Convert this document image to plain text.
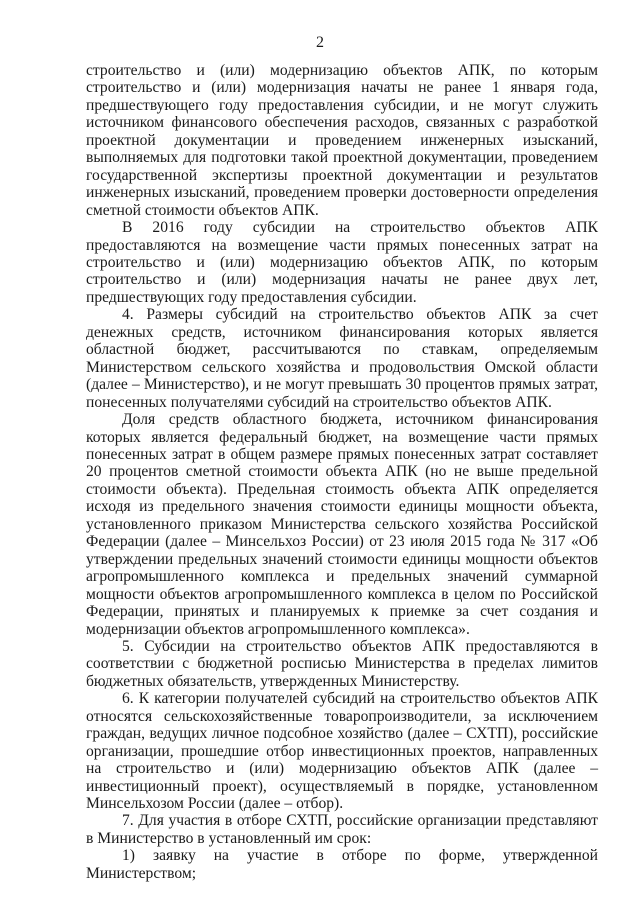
2

строительство и (или) модернизацию объектов АПК, по которым строительство и (или) модернизация начаты не ранее 1 января года, предшествующего году предоставления субсидии, и не могут служить источником финансового обеспечения расходов, связанных с разработкой проектной документации и проведением инженерных изысканий, выполняемых для подготовки такой проектной документации, проведением государственной экспертизы проектной документации и результатов инженерных изысканий, проведением проверки достоверности определения сметной стоимости объектов АПК.

В 2016 году субсидии на строительство объектов АПК предоставляются на возмещение части прямых понесенных затрат на строительство и (или) модернизацию объектов АПК, по которым строительство и (или) модернизация начаты не ранее двух лет, предшествующих году предоставления субсидии.

4. Размеры субсидий на строительство объектов АПК за счет денежных средств, источником финансирования которых является областной бюджет, рассчитываются по ставкам, определяемым Министерством сельского хозяйства и продовольствия Омской области (далее – Министерство), и не могут превышать 30 процентов прямых затрат, понесенных получателями субсидий на строительство объектов АПК.

Доля средств областного бюджета, источником финансирования которых является федеральный бюджет, на возмещение части прямых понесенных затрат в общем размере прямых понесенных затрат составляет 20 процентов сметной стоимости объекта АПК (но не выше предельной стоимости объекта). Предельная стоимость объекта АПК определяется исходя из предельного значения стоимости единицы мощности объекта, установленного приказом Министерства сельского хозяйства Российской Федерации (далее – Минсельхоз России) от 23 июля 2015 года № 317 «Об утверждении предельных значений стоимости единицы мощности объектов агропромышленного комплекса и предельных значений суммарной мощности объектов агропромышленного комплекса в целом по Российской Федерации, принятых и планируемых к приемке за счет создания и модернизации объектов агропромышленного комплекса».

5. Субсидии на строительство объектов АПК предоставляются в соответствии с бюджетной росписью Министерства в пределах лимитов бюджетных обязательств, утвержденных Министерству.

6. К категории получателей субсидий на строительство объектов АПК относятся сельскохозяйственные товаропроизводители, за исключением граждан, ведущих личное подсобное хозяйство (далее – СХТП), российские организации, прошедшие отбор инвестиционных проектов, направленных на строительство и (или) модернизацию объектов АПК (далее – инвестиционный проект), осуществляемый в порядке, установленном Минсельхозом России (далее – отбор).

7. Для участия в отборе СХТП, российские организации представляют в Министерство в установленный им срок:

1) заявку на участие в отборе по форме, утвержденной Министерством;
